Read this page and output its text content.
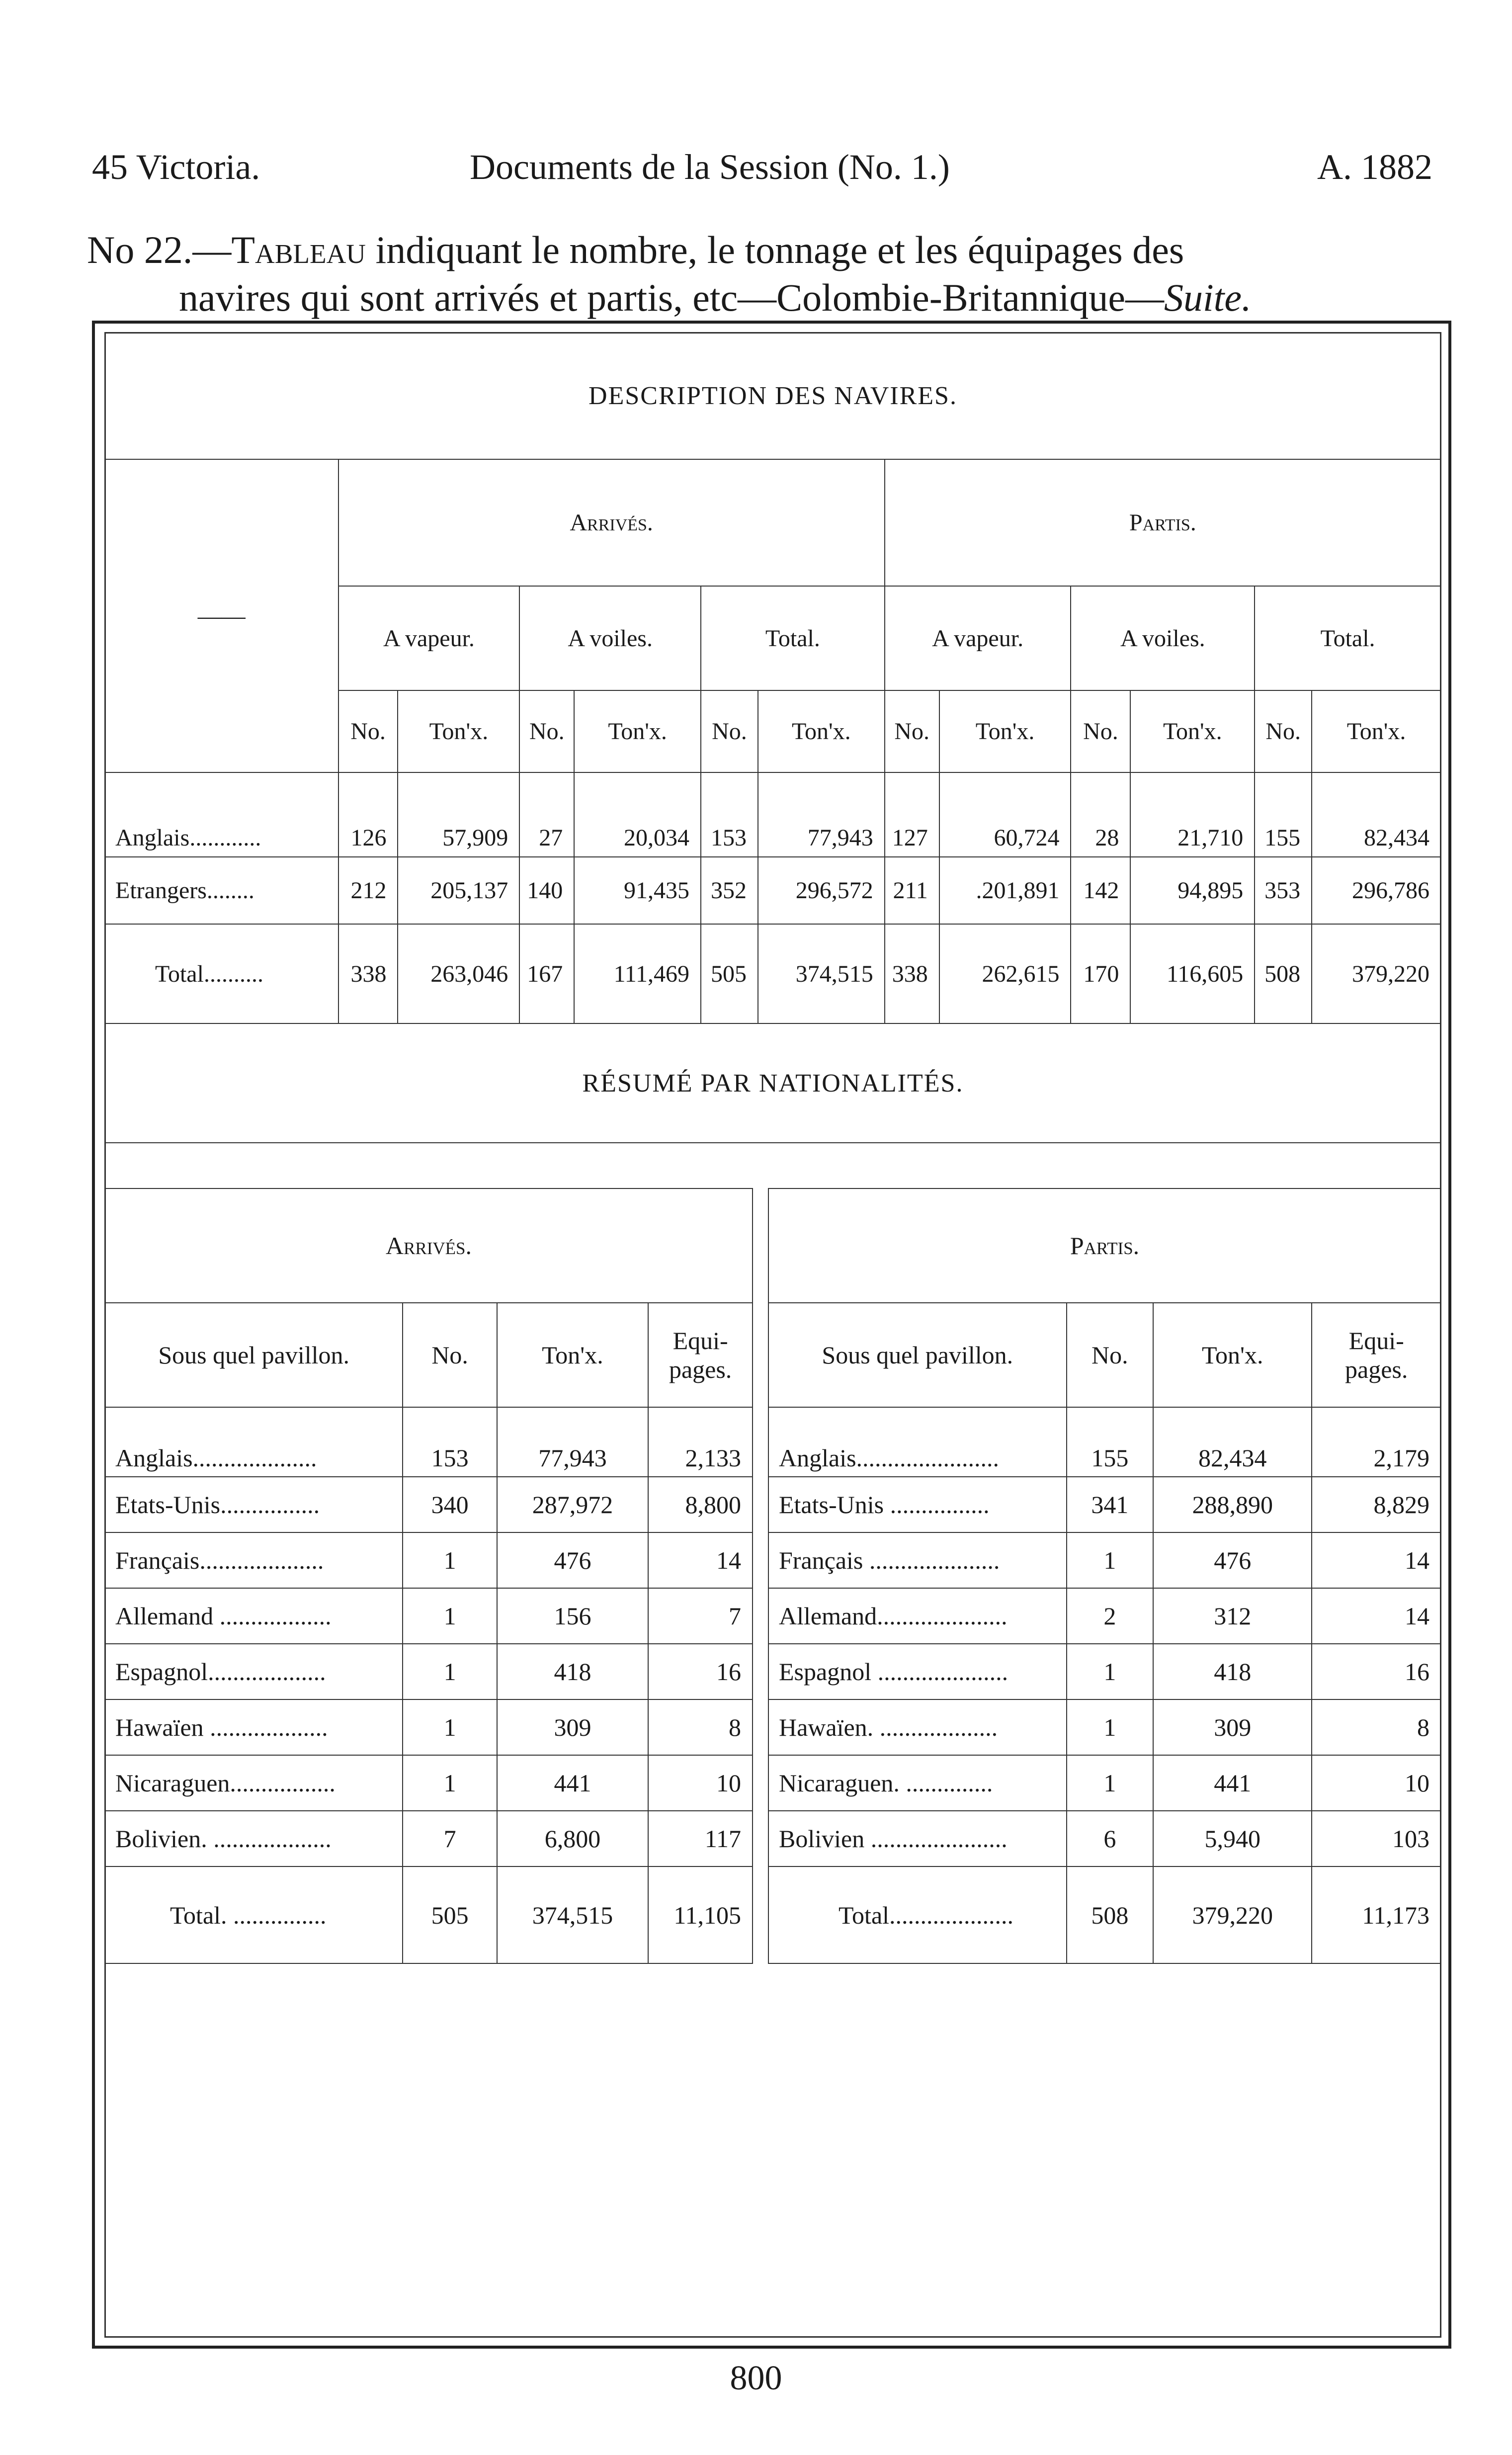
45 Victoria.	Documents de la Session (No. 1.)	A. 1882
No 22.—Tableau indiquant le nombre, le tonnage et les équipages des
navires qui sont arrivés et partis, etc—Colombie-Britannique—Suite.
DESCRIPTION DES NAVIRES.												
——	Arrivés.						Partis.					
	A vapeur.		A voiles.		Total.		A vapeur.		A voiles.		Total.	
	No.	Ton'x.	No.	Ton'x.	No.	Ton'x.	No.	Ton'x.	No.	Ton'x.	No.	Ton'x.
Anglais............	126	57,909	27	20,034	153	77,943	127	60,724	28	21,710	155	82,434
Etrangers........	212	205,137	140	91,435	352	296,572	211	.201,891	142	94,895	353	296,786
Total..........	338	263,046	167	111,469	505	374,515	338	262,615	170	116,605	508	379,220
RÉSUMÉ PAR NATIONALITÉS.												
Arrivés.			
Sous quel pavillon.	No.	Ton'x.	Equi-
pages.
Anglais....................	153	77,943	2,133
Etats-Unis................	340	287,972	8,800
Français....................	1	476	14
Allemand ..................	1	156	7
Espagnol...................	1	418	16
Hawaïen ...................	1	309	8
Nicaraguen.................	1	441	10
Bolivien. ...................	7	6,800	117
Total. ...............	505	374,515	11,105
Partis.			
Sous quel pavillon.	No.	Ton'x.	Equi-
pages.
Anglais.......................	155	82,434	2,179
Etats-Unis ................	341	288,890	8,829
Français .....................	1	476	14
Allemand.....................	2	312	14
Espagnol .....................	1	418	16
Hawaïen. ...................	1	309	8
Nicaraguen. ..............	1	441	10
Bolivien ......................	6	5,940	103
Total....................	508	379,220	11,173
800
